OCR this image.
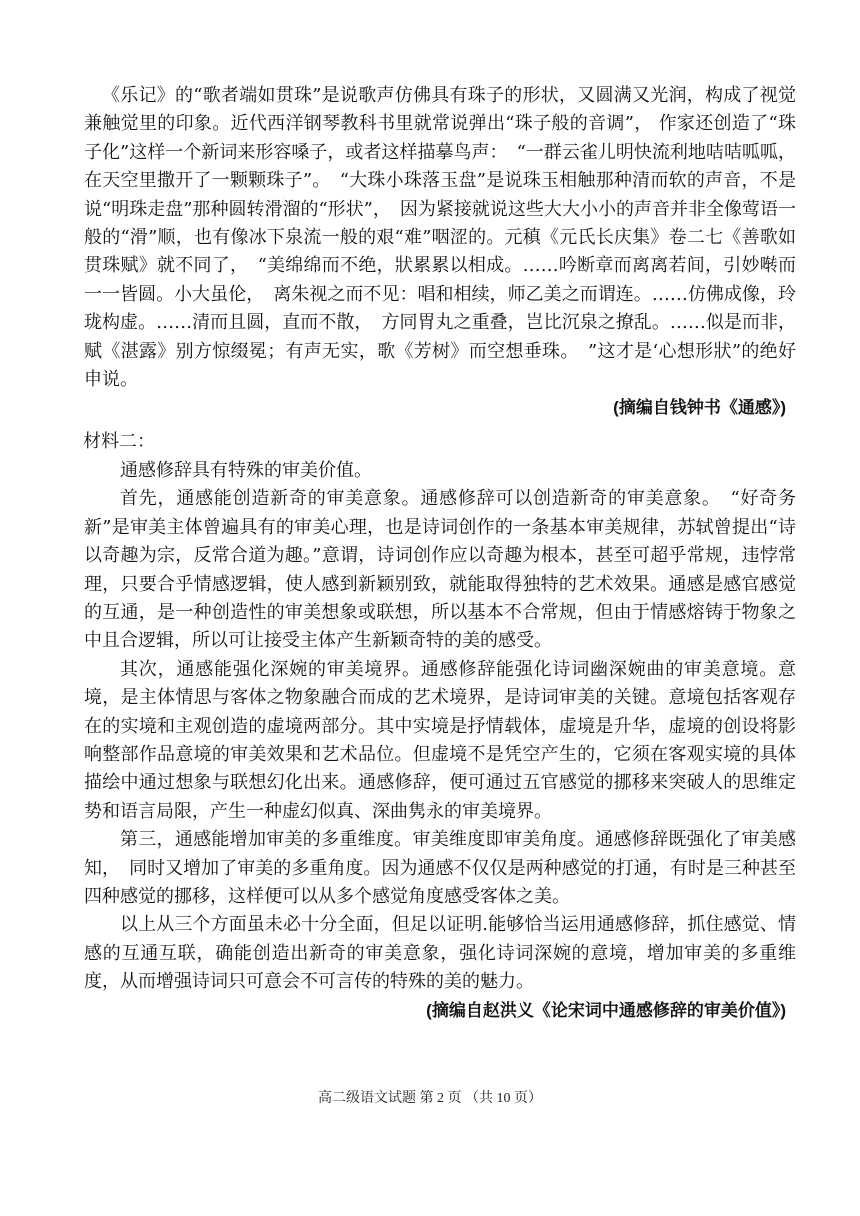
《乐记》的“歌者端如贯珠”是说歌声仿佛具有珠子的形状，又圆满又光润，构成了视觉兼触觉里的印象。近代西洋钢琴教科书里就常说弹出“珠子般的音调”， 作家还创造了“珠子化”这样一个新词来形容嗓子，或者这样描摹鸟声：　“一群云雀儿明快流利地咭咭呱呱，在天空里撒开了一颗颗珠子”。　“大珠小珠落玉盘”是说珠玉相触那种清而软的声音，不是说“明珠走盘”那种圆转滑溜的“形状”，　因为紧接就说这些大大小小的声音并非全像莺语一般的“滑”顺，也有像冰下泉流一般的艰“难”咽涩的。元稹《元氏长庆集》卷二七《善歌如贯珠赋》就不同了，　“美绵绵而不绝，狀累累以相成。……吟断章而离离若间，引妙啭而一一皆圆。小大虽伦，　离朱视之而不见：唱和相续，师乙美之而谓连。……仿佛成像，玲珑构虚。……清而且圆，直而不散，　方同胃丸之重叠，岂比沉泉之撩乱。……似是而非，赋《湛露》别方惊缀冕；有声无实，歌《芳树》而空想垂珠。　”这才是‘心想形狀”的绝好申说。

(摘编自钱钟书《通感》)

材料二：

通感修辞具有特殊的审美价值。

首先，通感能创造新奇的审美意象。通感修辞可以创造新奇的审美意象。　“好奇务新”是审美主体曾遍具有的审美心理，也是诗词创作的一条基本审美规律，苏轼曾提出“诗以奇趣为宗，反常合道为趣。”意谓，诗词创作应以奇趣为根本，甚至可超乎常规，违悖常理，只要合乎情感逻辑，使人感到新颖别致，就能取得独特的艺术效果。通感是感官感觉的互通，是一种创造性的审美想象或联想，所以基本不合常规，但由于情感熔铸于物象之中且合逻辑，所以可让接受主体产生新颖奇特的美的感受。

其次，通感能强化深婉的审美境界。通感修辞能强化诗词幽深婉曲的审美意境。意境，是主体情思与客体之物象融合而成的艺术境界，是诗词审美的关键。意境包括客观存在的实境和主观创造的虚境两部分。其中实境是抒情载体，虚境是升华，虚境的创设将影响整部作品意境的审美效果和艺术品位。但虚境不是凭空产生的，它须在客观实境的具体描绘中通过想象与联想幻化出来。通感修辞，便可通过五官感觉的挪移来突破人的思维定势和语言局限，产生一种虚幻似真、深曲隽永的审美境界。

第三，通感能增加审美的多重维度。审美维度即审美角度。通感修辞既强化了审美感知，　同时又增加了审美的多重角度。因为通感不仅仅是两种感觉的打通，有时是三种甚至四种感觉的挪移，这样便可以从多个感觉角度感受客体之美。

以上从三个方面虽未必十分全面，但足以证明.能够恰当运用通感修辞，抓住感觉、情感的互通互联，确能创造出新奇的审美意象，强化诗词深婉的意境，增加审美的多重维度，从而增强诗词只可意会不可言传的特殊的美的魅力。

(摘编自赵洪义《论宋词中通感修辞的审美价值》)

高二级语文试题 第 2 页 （共 10 页）
